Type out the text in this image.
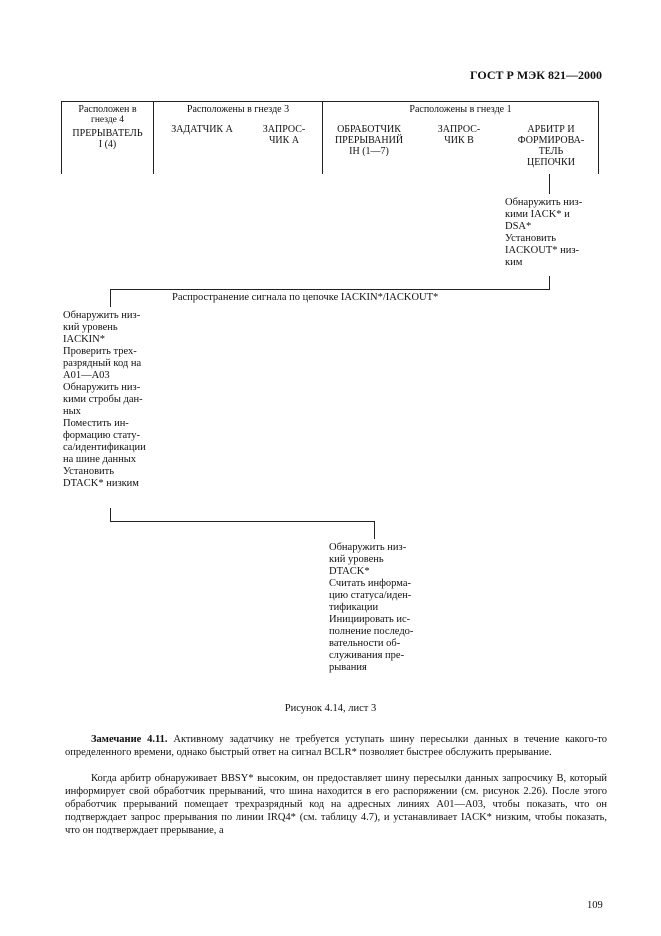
ГОСТ Р МЭК 821—2000
Расположен в
гнезде 4
Расположены в гнезде 3	Расположены в гнезде 1
ПРЕРЫВАТЕЛЬ
I (4)
ЗАДАТЧИК А	ЗАПРОС-
ЧИК А
ОБРАБОТЧИК
ПРЕРЫВАНИЙ
IH (1—7)
ЗАПРОС-
ЧИК В
АРБИТР И
ФОРМИРОВА-
ТЕЛЬ
ЦЕПОЧКИ
Обнаружить низ-
кими IACK* и
DSA*
Установить
IACKOUT* низ-
ким
Распространение сигнала по цепочке IACKIN*/IACKOUT*
Обнаружить низ-
кий уровень
IACKIN*
Проверить трех-
разрядный код на
A01—A03
Обнаружить низ-
кими стробы дан-
ных
Поместить ин-
формацию стату-
са/идентификации
на шине данных
Установить
DTACK* низким
Обнаружить низ-
кий уровень
DTACK*
Считать информа-
цию статуса/иден-
тификации
Инициировать ис-
полнение последо-
вательности об-
служивания пре-
рывания
Рисунок 4.14, лист 3
Замечание 4.11. Активному задатчику не требуется уступать шину пересылки данных в течение какого-то определенного времени, однако быстрый ответ на сигнал BCLR* позволяет быстрее обслужить прерывание.
Когда арбитр обнаруживает BBSY* высоким, он предоставляет шину пересылки данных запросчику B, который информирует свой обработчик прерываний, что шина находится в его распоряжении (см. рисунок 2.26). После этого обработчик прерываний помещает трехразрядный код на адресных линиях A01—A03, чтобы показать, что он подтверждает запрос прерывания по линии IRQ4* (см. таблицу 4.7), и устанавливает IACK* низким, чтобы показать, что он подтверждает прерывание, а
109
